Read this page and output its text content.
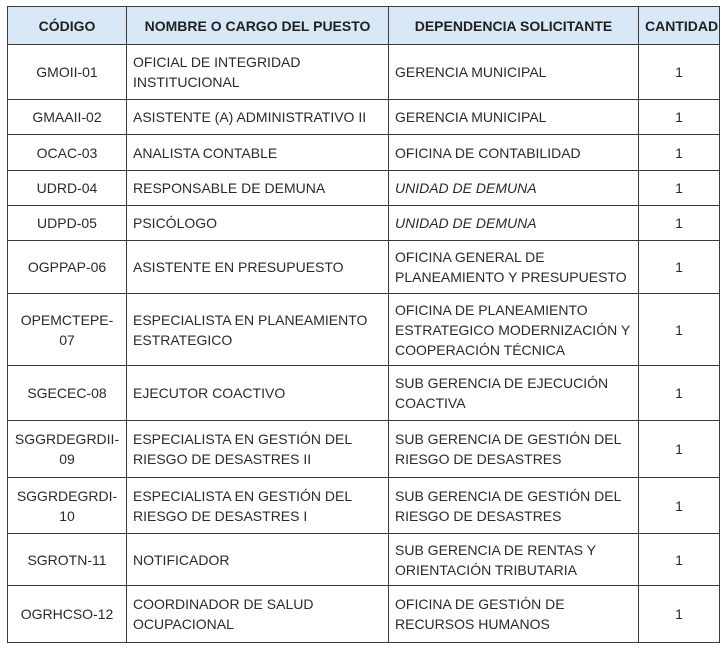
CÓDIGO	NOMBRE O CARGO DEL PUESTO	DEPENDENCIA SOLICITANTE	CANTIDAD
GMOII-01	OFICIAL DE INTEGRIDAD INSTITUCIONAL	GERENCIA MUNICIPAL	1
GMAAII-02	ASISTENTE (A) ADMINISTRATIVO II	GERENCIA MUNICIPAL	1
OCAC-03	ANALISTA CONTABLE	OFICINA DE CONTABILIDAD	1
UDRD-04	RESPONSABLE DE DEMUNA	UNIDAD DE DEMUNA	1
UDPD-05	PSICÓLOGO	UNIDAD DE DEMUNA	1
OGPPAP-06	ASISTENTE EN PRESUPUESTO	OFICINA GENERAL DE PLANEAMIENTO Y PRESUPUESTO	1
OPEMCTEPE-07	ESPECIALISTA EN PLANEAMIENTO ESTRATEGICO	OFICINA DE PLANEAMIENTO ESTRATEGICO MODERNIZACIÓN Y COOPERACIÓN TÉCNICA	1
SGECEC-08	EJECUTOR COACTIVO	SUB GERENCIA DE EJECUCIÓN COACTIVA	1
SGGRDEGRDII-09	ESPECIALISTA EN GESTIÓN DEL RIESGO DE DESASTRES II	SUB GERENCIA DE GESTIÓN DEL RIESGO DE DESASTRES	1
SGGRDEGRDI-10	ESPECIALISTA EN GESTIÓN DEL RIESGO DE DESASTRES I	SUB GERENCIA DE GESTIÓN DEL RIESGO DE DESASTRES	1
SGROTN-11	NOTIFICADOR	SUB GERENCIA DE RENTAS Y ORIENTACIÓN TRIBUTARIA	1
OGRHCSO-12	COORDINADOR DE SALUD OCUPACIONAL	OFICINA DE GESTIÓN DE RECURSOS HUMANOS	1
